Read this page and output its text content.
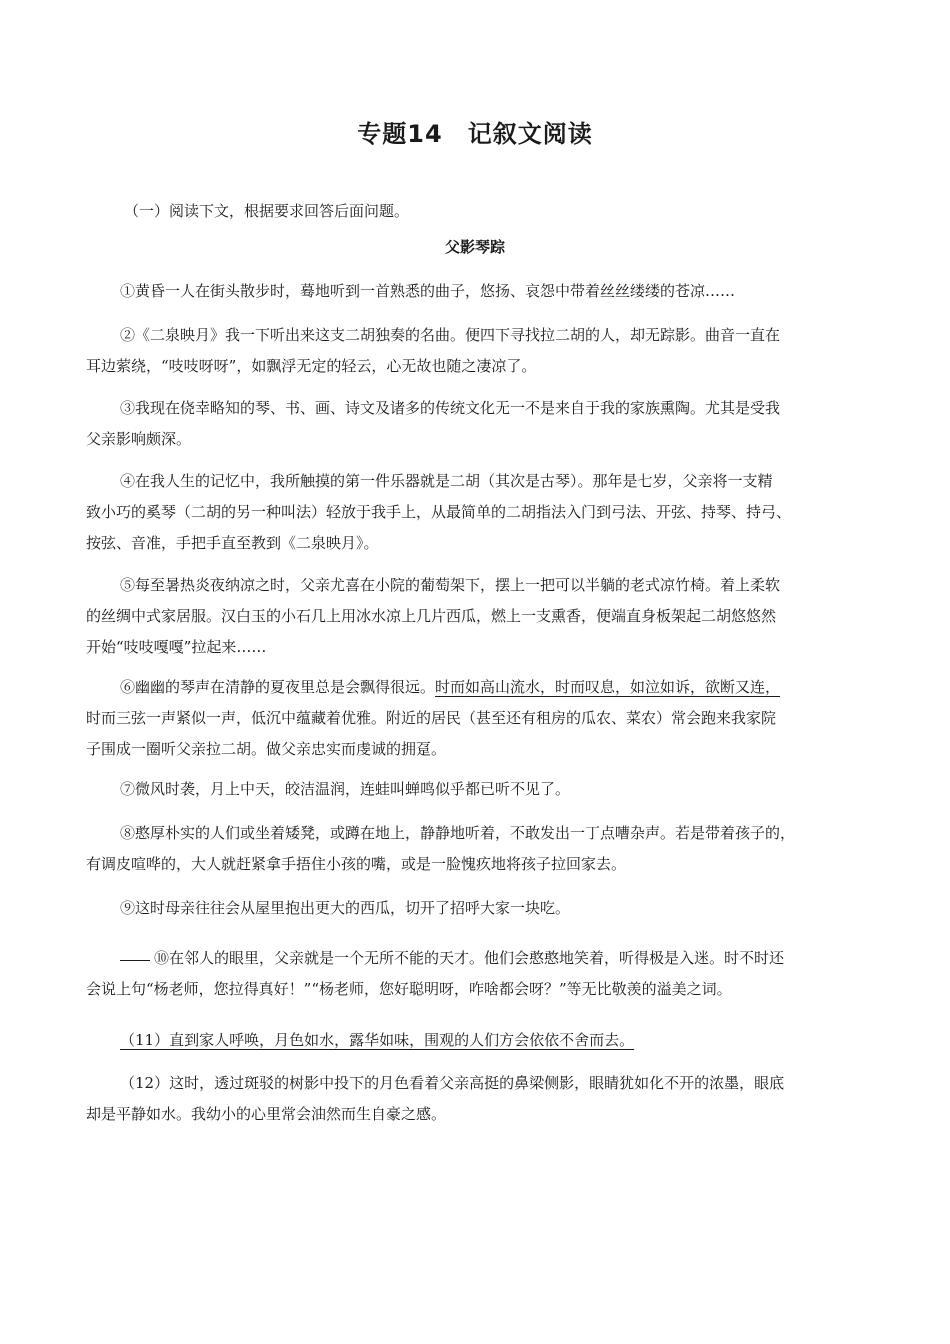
专题14　记叙文阅读
（一）阅读下文，根据要求回答后面问题。
父影琴踪
①黄昏一人在街头散步时，蓦地听到一首熟悉的曲子，悠扬、哀怨中带着丝丝缕缕的苍凉……
②《二泉映月》我一下听出来这支二胡独奏的名曲。便四下寻找拉二胡的人，却无踪影。曲音一直在
耳边萦绕，“吱吱呀呀”，如飘浮无定的轻云，心无故也随之凄凉了。
③我现在侥幸略知的琴、书、画、诗文及诸多的传统文化无一不是来自于我的家族熏陶。尤其是受我
父亲影响颇深。
④在我人生的记忆中，我所触摸的第一件乐器就是二胡（其次是古琴）。那年是七岁，父亲将一支精
致小巧的奚琴（二胡的另一种叫法）轻放于我手上，从最简单的二胡指法入门到弓法、开弦、持琴、持弓、
按弦、音准，手把手直至教到《二泉映月》。
⑤每至暑热炎夜纳凉之时，父亲尤喜在小院的葡萄架下，摆上一把可以半躺的老式凉竹椅。着上柔软
的丝绸中式家居服。汉白玉的小石几上用冰水凉上几片西瓜，燃上一支熏香，便端直身板架起二胡悠悠然
开始“吱吱嘎嘎”拉起来……
⑥幽幽的琴声在清静的夏夜里总是会飘得很远。时而如高山流水，时而叹息，如泣如诉，欲断又连，
时而三弦一声紧似一声，低沉中蕴藏着优雅。附近的居民（甚至还有租房的瓜农、菜农）常会跑来我家院
子围成一圈听父亲拉二胡。做父亲忠实而虔诚的拥趸。
⑦微风时袭，月上中天，皎洁温润，连蛙叫蝉鸣似乎都已听不见了。
⑧憨厚朴实的人们或坐着矮凳，或蹲在地上，静静地听着，不敢发出一丁点嘈杂声。若是带着孩子的，
有调皮喧哗的，大人就赶紧拿手捂住小孩的嘴，或是一脸愧疚地将孩子拉回家去。
⑨这时母亲往往会从屋里抱出更大的西瓜，切开了招呼大家一块吃。
⑩在邻人的眼里，父亲就是一个无所不能的天才。他们会憨憨地笑着，听得极是入迷。时不时还
会说上句“杨老师，您拉得真好！”“杨老师，您好聪明呀，咋啥都会呀？”等无比敬羡的溢美之词。
（11）直到家人呼唤，月色如水，露华如味，围观的人们方会依依不舍而去。
（12）这时，透过斑驳的树影中投下的月色看着父亲高挺的鼻梁侧影，眼睛犹如化不开的浓墨，眼底
却是平静如水。我幼小的心里常会油然而生自豪之感。
